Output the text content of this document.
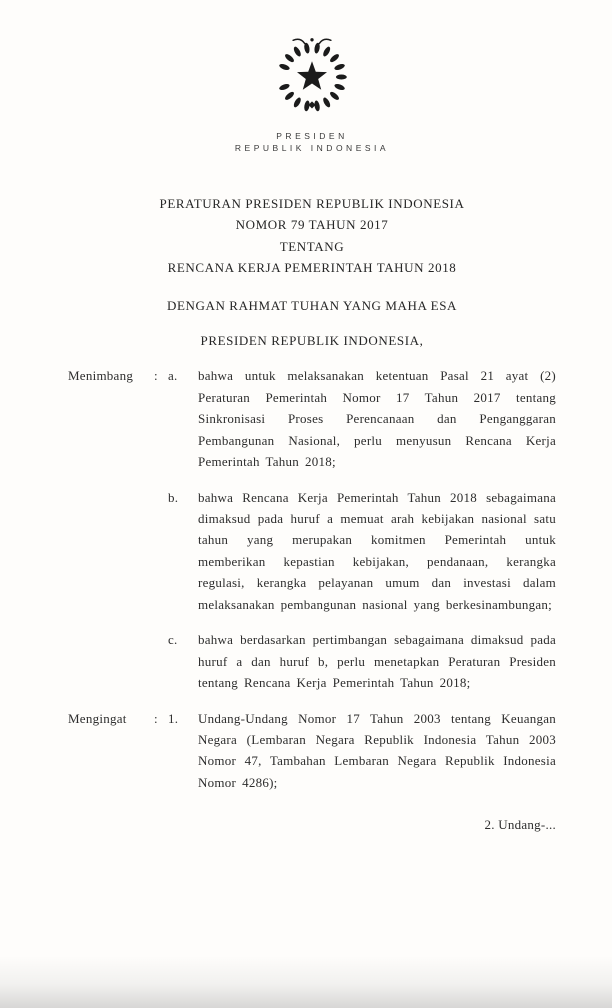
PRESIDEN
REPUBLIK INDONESIA
PERATURAN PRESIDEN REPUBLIK INDONESIA
NOMOR 79 TAHUN 2017
TENTANG
RENCANA KERJA PEMERINTAH TAHUN 2018
DENGAN RAHMAT TUHAN YANG MAHA ESA
PRESIDEN REPUBLIK INDONESIA,
Menimbang	: a.	bahwa untuk melaksanakan ketentuan Pasal 21 ayat (2) Peraturan Pemerintah Nomor 17 Tahun 2017 tentang Sinkronisasi Proses Perencanaan dan Penganggaran Pembangunan Nasional, perlu menyusun Rencana Kerja Pemerintah Tahun 2018;
b.	bahwa Rencana Kerja Pemerintah Tahun 2018 sebagaimana dimaksud pada huruf a memuat arah kebijakan nasional satu tahun yang merupakan komitmen Pemerintah untuk memberikan kepastian kebijakan, pendanaan, kerangka regulasi, kerangka pelayanan umum dan investasi dalam melaksanakan pembangunan nasional yang berkesinambungan;
c.	bahwa berdasarkan pertimbangan sebagaimana dimaksud pada huruf a dan huruf b, perlu menetapkan Peraturan Presiden tentang Rencana Kerja Pemerintah Tahun 2018;
Mengingat	: 1.	Undang-Undang Nomor 17 Tahun 2003 tentang Keuangan Negara (Lembaran Negara Republik Indonesia Tahun 2003 Nomor 47, Tambahan Lembaran Negara Republik Indonesia Nomor 4286);
2. Undang-...
